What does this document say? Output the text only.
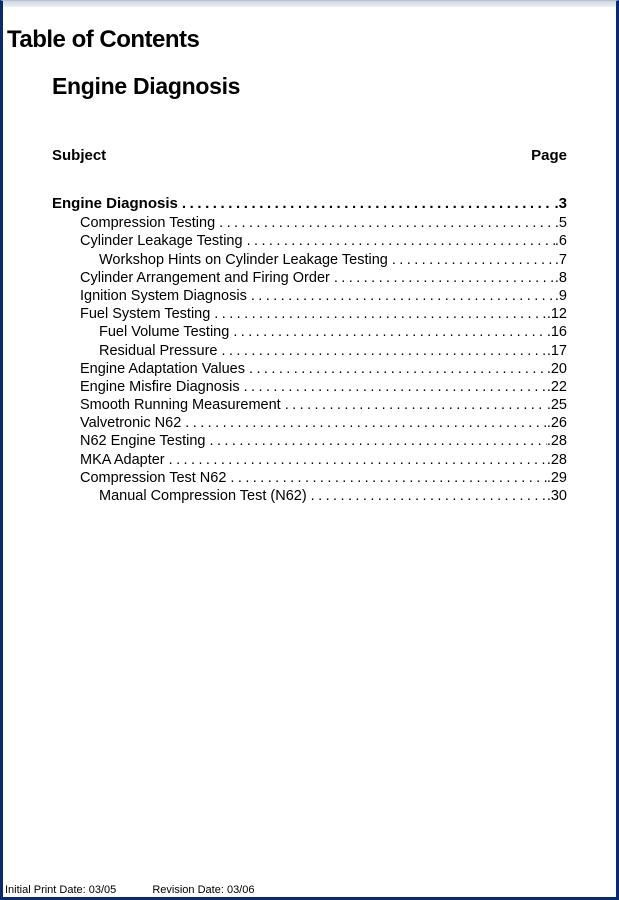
Table of Contents
Engine Diagnosis
Subject	Page
Engine Diagnosis . . .	.3
Compression Testing . . .	.5
Cylinder Leakage Testing . . .	.6
Workshop Hints on Cylinder Leakage Testing . . .	.7
Cylinder Arrangement and Firing Order . . .	.8
Ignition System Diagnosis . . .	.9
Fuel System Testing . . .	.12
Fuel Volume Testing . . .	.16
Residual Pressure . . .	.17
Engine Adaptation Values . . .	.20
Engine Misfire Diagnosis . . .	.22
Smooth Running Measurement . . .	.25
Valvetronic N62 . . .	.26
N62 Engine Testing . . .	.28
MKA Adapter . . .	.28
Compression Test N62 . . .	.29
Manual Compression Test (N62) . . .	.30
Initial Print Date: 03/05	Revision Date: 03/06
